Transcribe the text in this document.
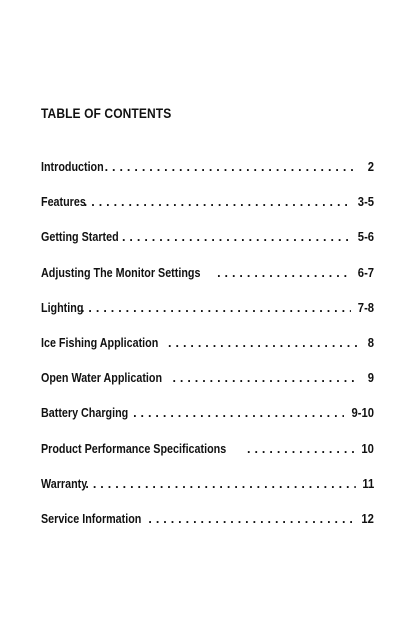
TABLE OF CONTENTS
Introduction . . .	2
Features . . .	3-5
Getting Started . . .	5-6
Adjusting The Monitor Settings . . .	6-7
Lighting . . .	7-8
Ice Fishing Application . . .	8
Open Water Application . . .	9
Battery Charging . . .	9-10
Product Performance Specifications . . .	10
Warranty . . .	11
Service Information . . .	12
